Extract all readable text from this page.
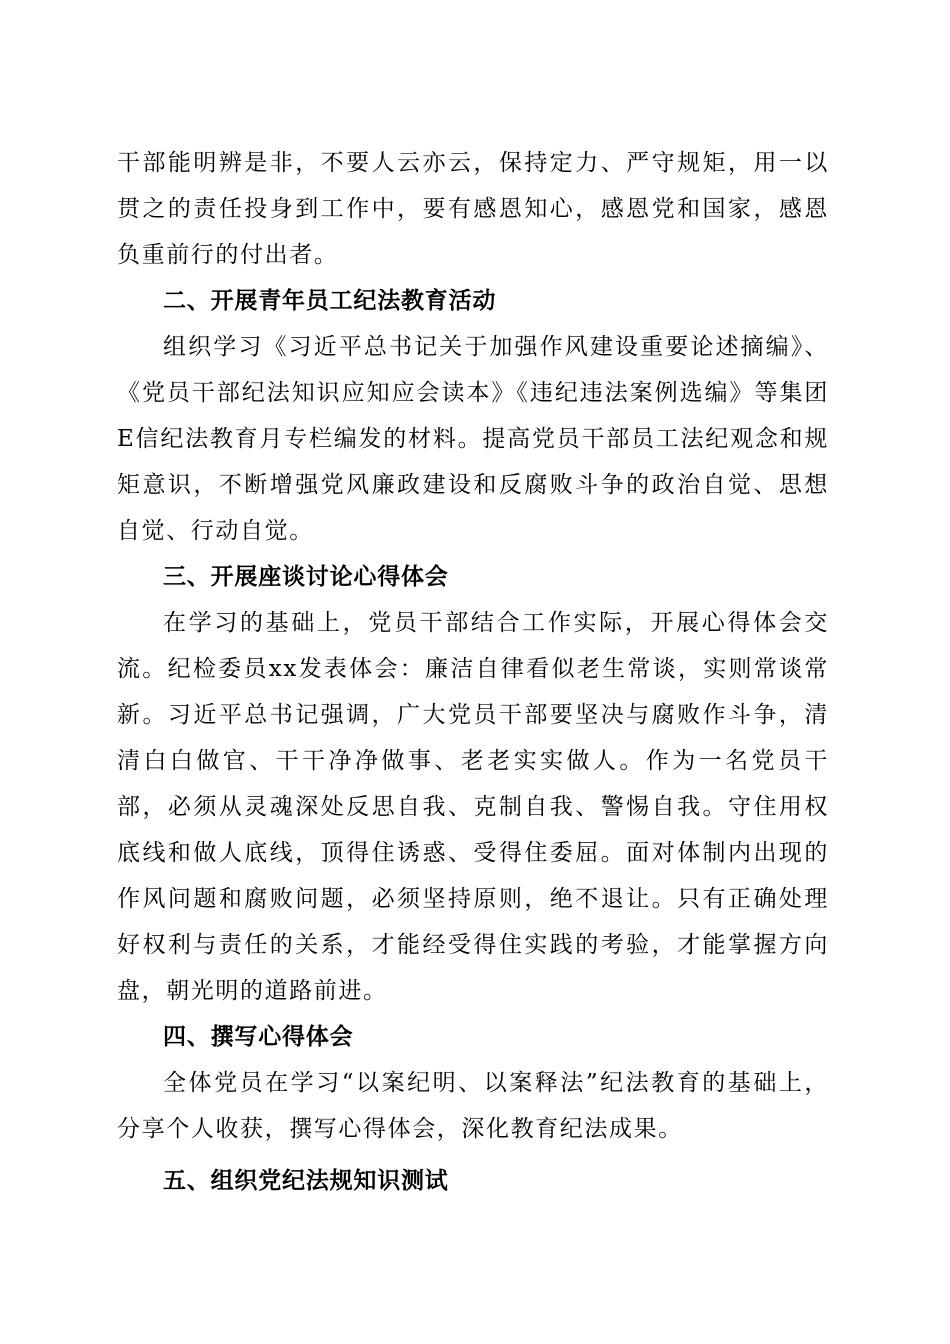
干部能明辨是非，不要人云亦云，保持定力、严守规矩，用一以贯之的责任投身到工作中，要有感恩知心，感恩党和国家，感恩负重前行的付出者。

二、开展青年员工纪法教育活动

组织学习《习近平总书记关于加强作风建设重要论述摘编》、《党员干部纪法知识应知应会读本》《违纪违法案例选编》等集团E信纪法教育月专栏编发的材料。提高党员干部员工法纪观念和规矩意识，不断增强党风廉政建设和反腐败斗争的政治自觉、思想自觉、行动自觉。

三、开展座谈讨论心得体会

在学习的基础上，党员干部结合工作实际，开展心得体会交流。纪检委员xx发表体会：廉洁自律看似老生常谈，实则常谈常新。习近平总书记强调，广大党员干部要坚决与腐败作斗争，清清白白做官、干干净净做事、老老实实做人。作为一名党员干部，必须从灵魂深处反思自我、克制自我、警惕自我。守住用权底线和做人底线，顶得住诱惑、受得住委屈。面对体制内出现的作风问题和腐败问题，必须坚持原则，绝不退让。只有正确处理好权利与责任的关系，才能经受得住实践的考验，才能掌握方向盘，朝光明的道路前进。

四、撰写心得体会

全体党员在学习“以案纪明、以案释法”纪法教育的基础上，分享个人收获，撰写心得体会，深化教育纪法成果。

五、组织党纪法规知识测试
